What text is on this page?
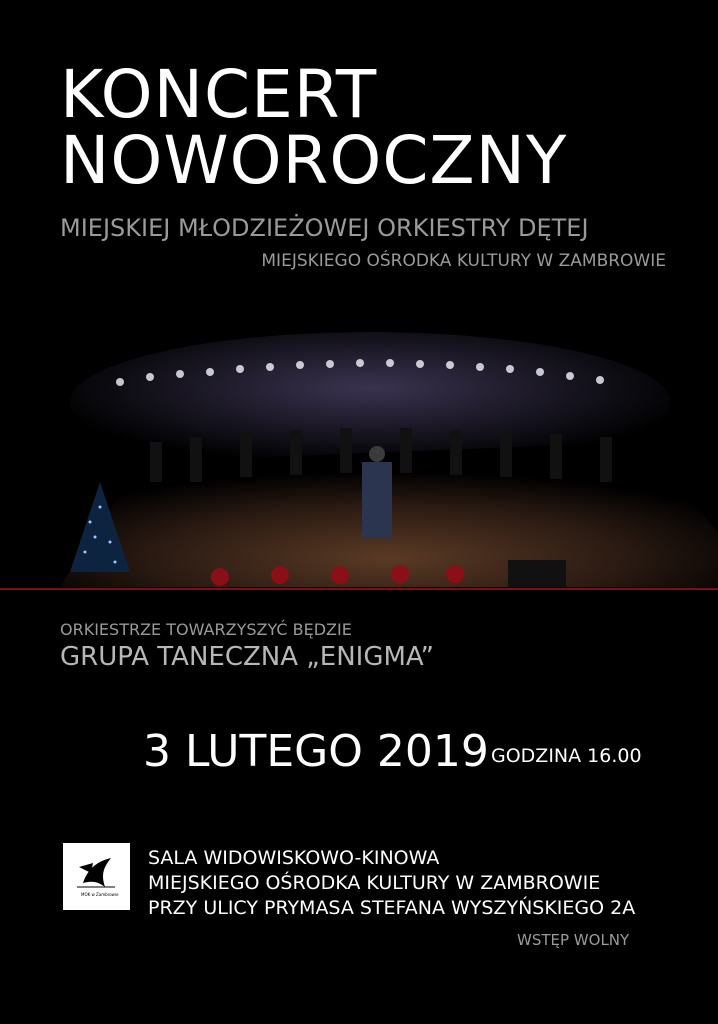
KONCERT
NOWOROCZNY
MIEJSKIEJ MŁODZIEŻOWEJ ORKIESTRY DĘTEJ
MIEJSKIEGO OŚRODKA KULTURY W ZAMBROWIE
ORKIESTRZE TOWARZYSZYĆ BĘDZIE
GRUPA TANECZNA „ENIGMA”
3 LUTEGO 2019 GODZINA 16.00
MOK w Zambrowie
SALA WIDOWISKOWO-KINOWA
MIEJSKIEGO OŚRODKA KULTURY W ZAMBROWIE
PRZY ULICY PRYMASA STEFANA WYSZYŃSKIEGO 2A
WSTĘP WOLNY
